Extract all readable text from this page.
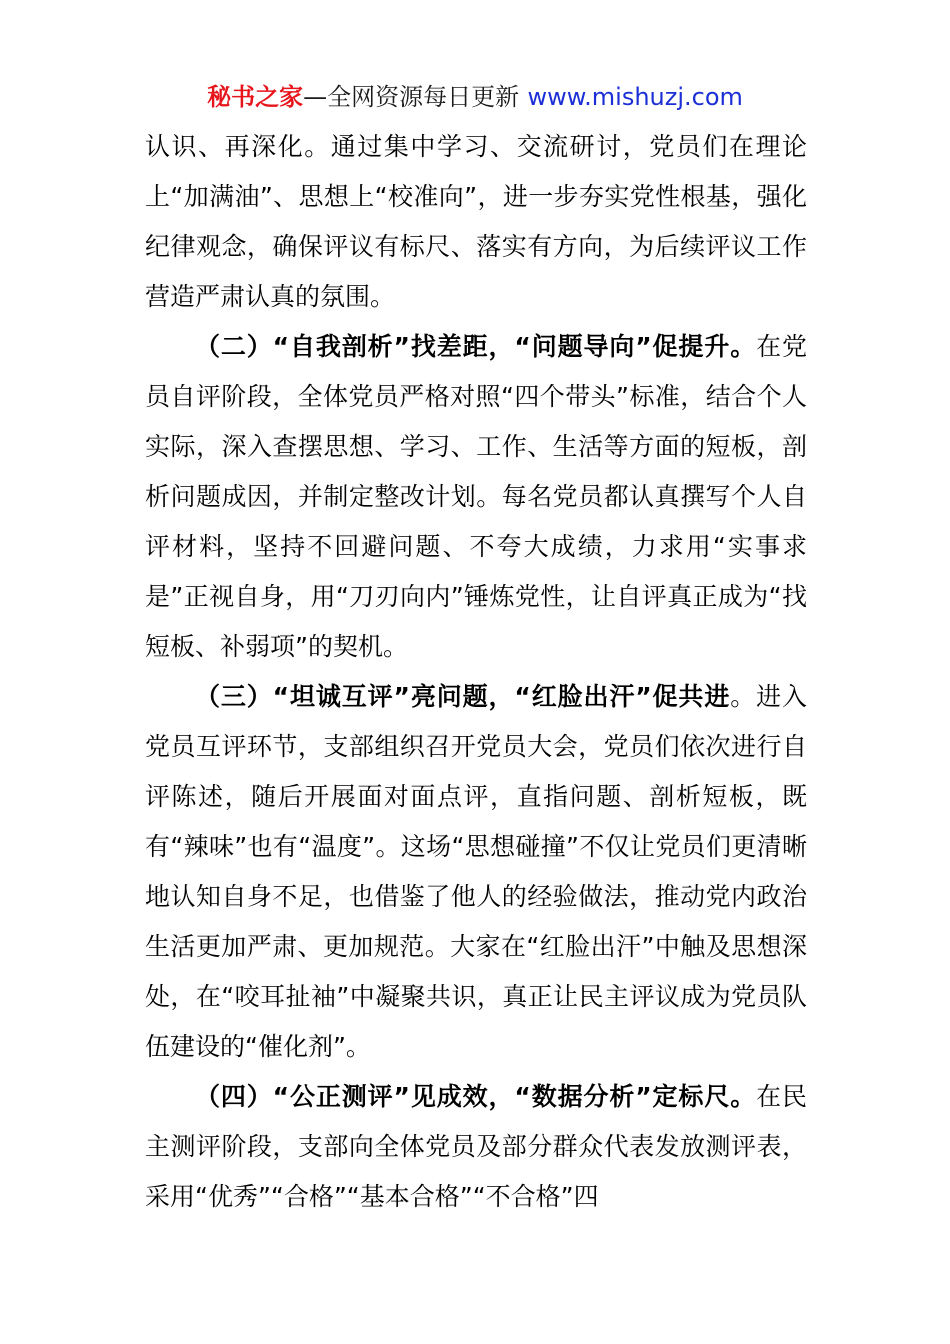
秘书之家—全网资源每日更新 www.mishuzj.com

认识、再深化。通过集中学习、交流研讨，党员们在理论上“加满油”、思想上“校准向”，进一步夯实党性根基，强化纪律观念，确保评议有标尺、落实有方向，为后续评议工作营造严肃认真的氛围。

（二）“自我剖析”找差距，“问题导向”促提升。在党员自评阶段，全体党员严格对照“四个带头”标准，结合个人实际，深入查摆思想、学习、工作、生活等方面的短板，剖析问题成因，并制定整改计划。每名党员都认真撰写个人自评材料，坚持不回避问题、不夸大成绩，力求用“实事求是”正视自身，用“刀刃向内”锤炼党性，让自评真正成为“找短板、补弱项”的契机。

（三）“坦诚互评”亮问题，“红脸出汗”促共进。进入党员互评环节，支部组织召开党员大会，党员们依次进行自评陈述，随后开展面对面点评，直指问题、剖析短板，既有“辣味”也有“温度”。这场“思想碰撞”不仅让党员们更清晰地认知自身不足，也借鉴了他人的经验做法，推动党内政治生活更加严肃、更加规范。大家在“红脸出汗”中触及思想深处，在“咬耳扯袖”中凝聚共识，真正让民主评议成为党员队伍建设的“催化剂”。

（四）“公正测评”见成效，“数据分析”定标尺。在民主测评阶段，支部向全体党员及部分群众代表发放测评表，采用“优秀”“合格”“基本合格”“不合格”四
